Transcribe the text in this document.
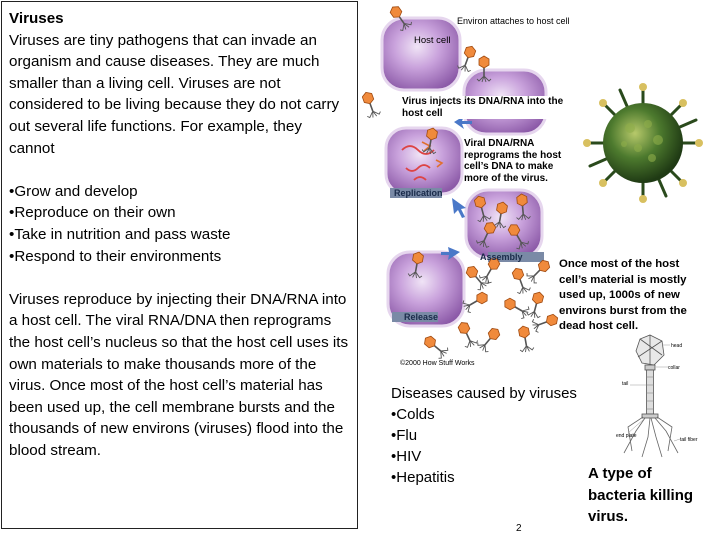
Viruses

Viruses are tiny pathogens that can invade an organism and cause diseases. They are much smaller than a living cell. Viruses are not considered to be living because they do not carry out several life functions. For example, they cannot

• Grow and develop
• Reproduce on their own
• Take in nutrition and pass waste
• Respond to their environments

Viruses reproduce by injecting their DNA/RNA into a host cell. The viral RNA/DNA then reprograms the host cell’s nucleus so that the host cell uses its own materials to make thousands more of the virus. Once most of the host cell’s material has been used up, the cell membrane bursts and the thousands of new environs (viruses) flood into the blood stream.

Environ attaches to host cell
Host cell
Virus injects its DNA/RNA into the host cell
Viral DNA/RNA reprograms the host cell’s DNA to make more of the virus.
Replication
Assembly
Release
©2000 How Stuff Works
Once most of the host cell’s material is mostly used up, 1000s of new environs burst from the dead host cell.
Diseases caused by viruses
• Colds
• Flu
• HIV
• Hepatitis
head
collar
tail
end plate
tail fiber
A type of bacteria killing virus.
2
